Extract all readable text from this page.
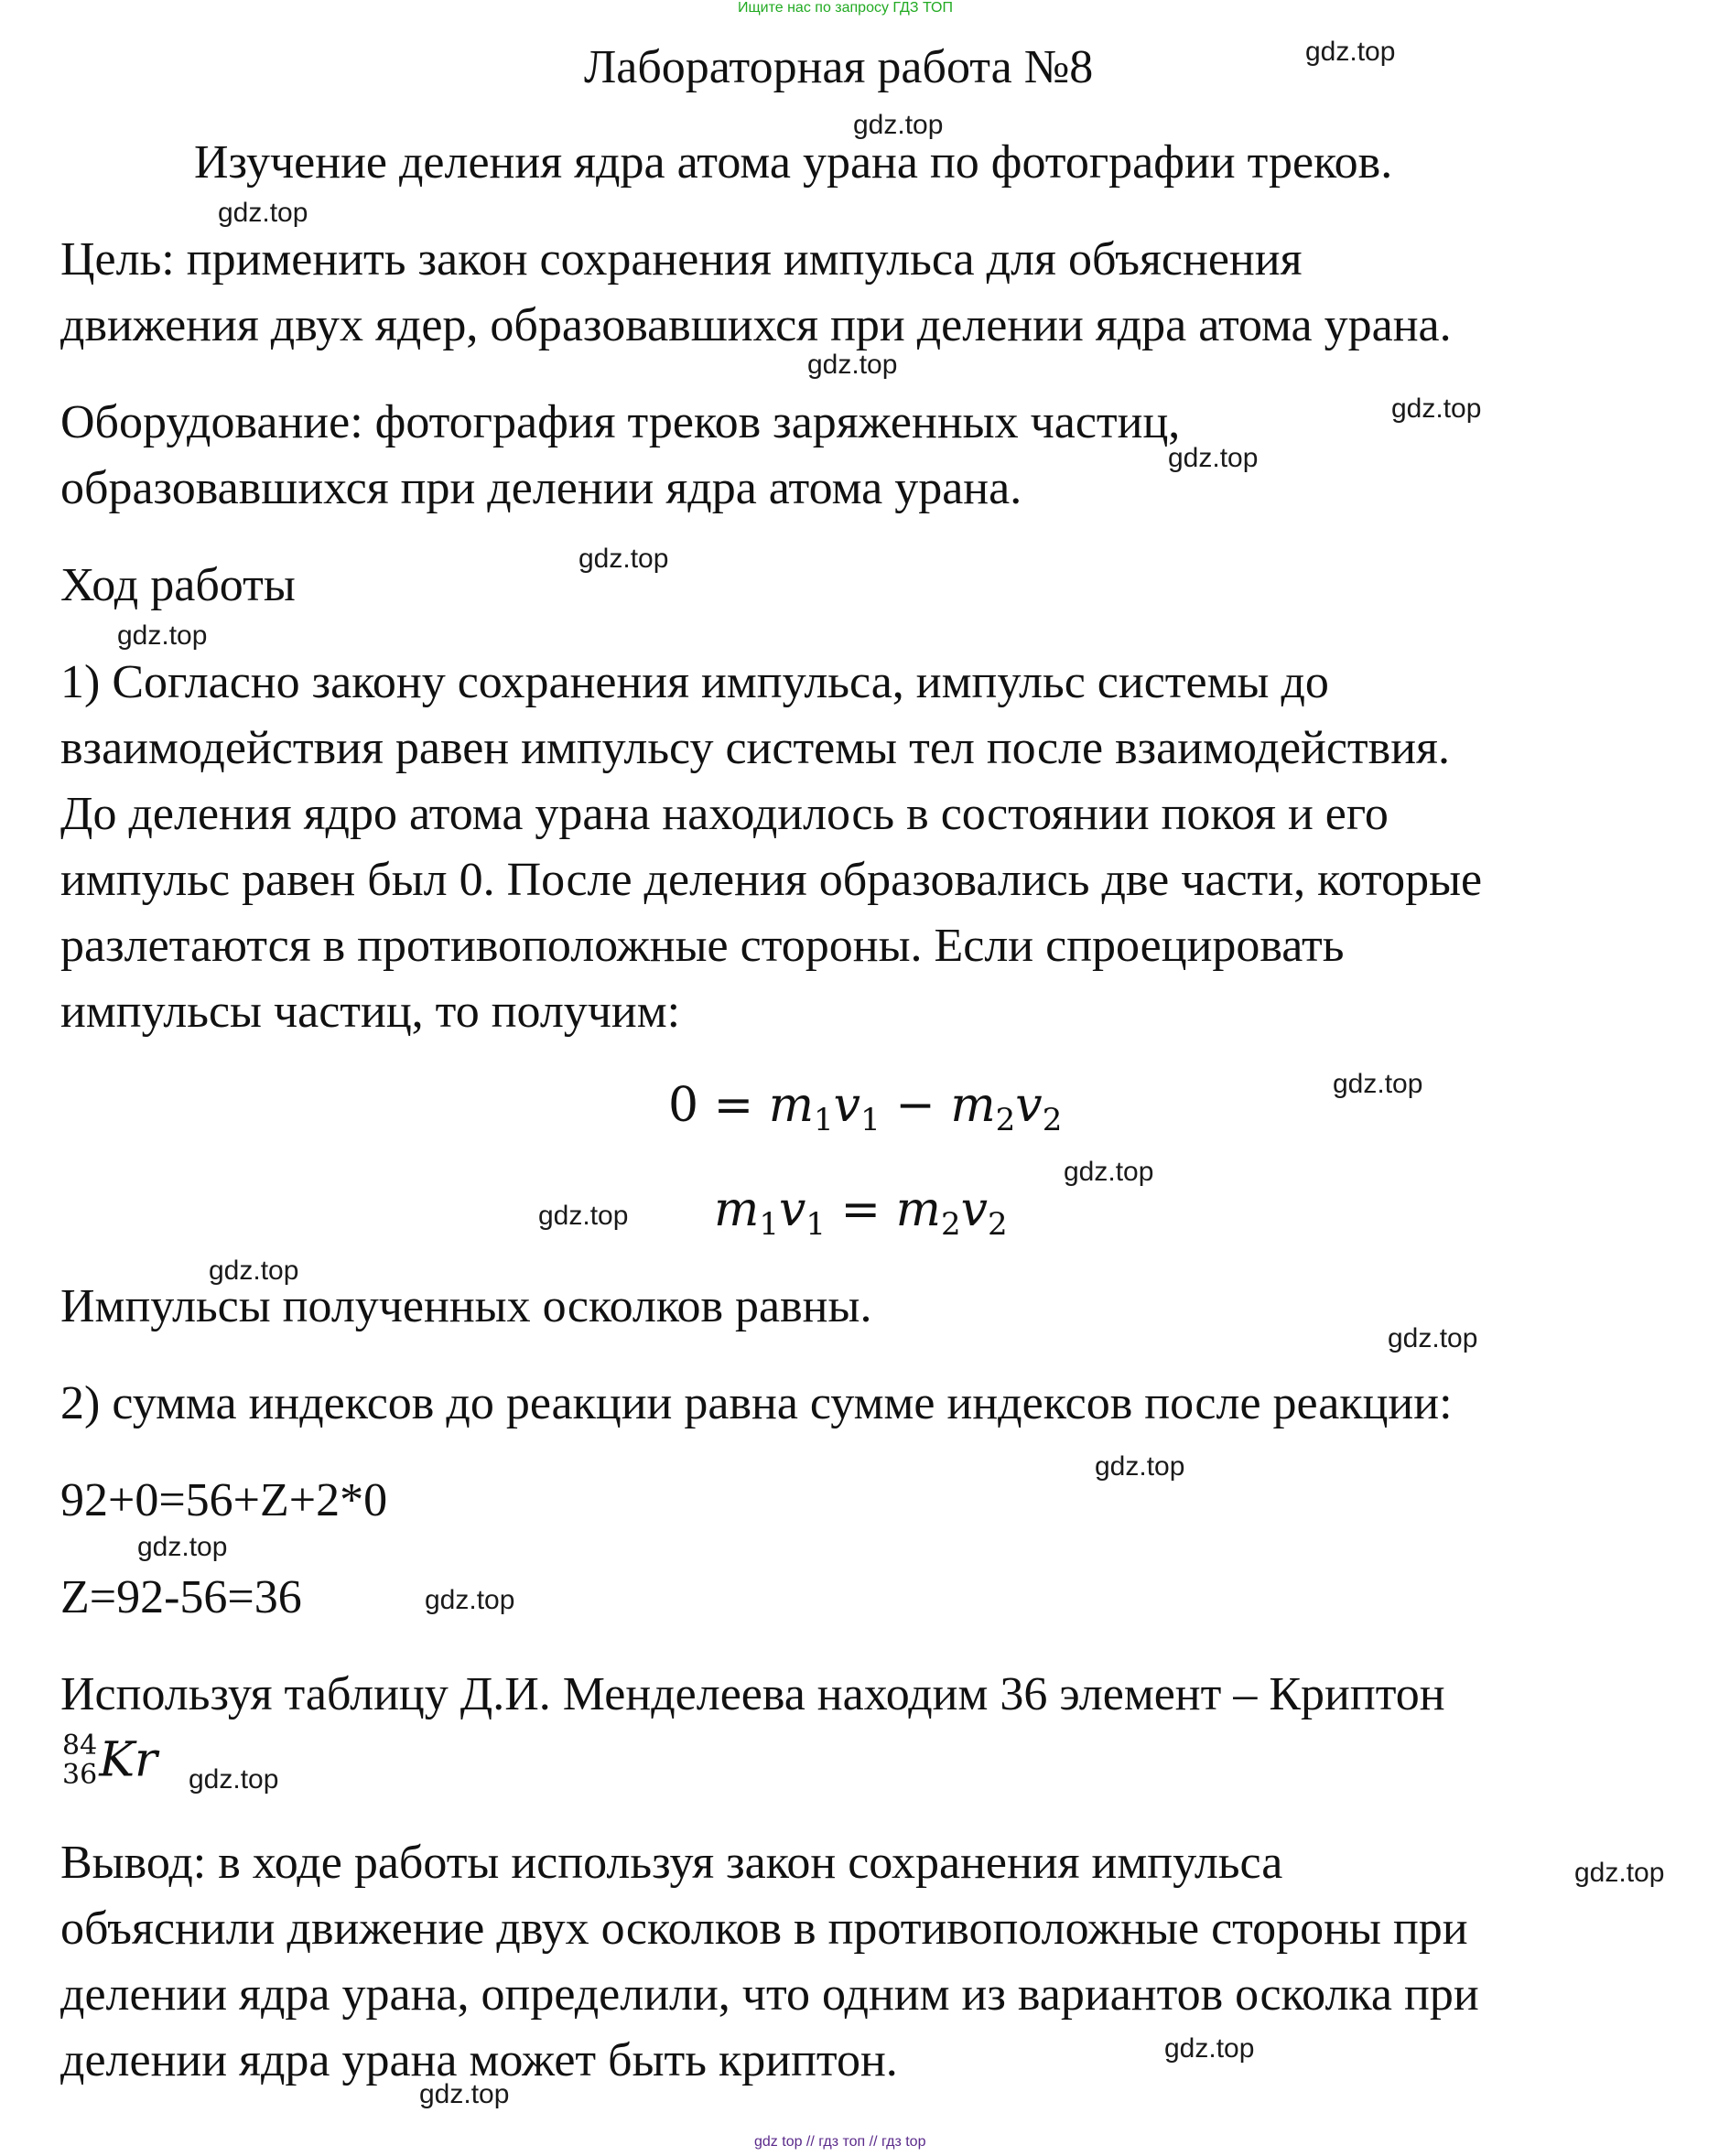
Ищите нас по запросу ГДЗ ТОП
Лабораторная работа №8
Изучение деления ядра атома урана по фотографии треков.
Цель: применить закон сохранения импульса для объяснения
движения двух ядер, образовавшихся при делении ядра атома урана.
Оборудование: фотография треков заряженных частиц,
образовавшихся при делении ядра атома урана.
Ход работы
1) Согласно закону сохранения импульса, импульс системы до
взаимодействия равен импульсу системы тел после взаимодействия.
До деления ядро атома урана находилось в состоянии покоя и его
импульс равен был 0. После деления образовались две части, которые
разлетаются в противоположные стороны. Если спроецировать
импульсы частиц, то получим:
$0 = m_1v_1 - m_2v_2$
$m_1v_1 = m_2v_2$
Импульсы полученных осколков равны.
2) сумма индексов до реакции равна сумме индексов после реакции:
92+0=56+Z+2*0
Z=92-56=36
Используя таблицу Д.И. Менделеева находим 36 элемент – Криптон
84
36Kr
Вывод: в ходе работы используя закон сохранения импульса
объяснили движение двух осколков в противоположные стороны при
делении ядра урана, определили, что одним из вариантов осколка при
делении ядра урана может быть криптон.
gdz.top
gdz.top
gdz.top
gdz.top
gdz.top
gdz.top
gdz.top
gdz.top
gdz.top
gdz.top
gdz.top
gdz.top
gdz.top
gdz.top
gdz.top
gdz.top
gdz.top
gdz.top
gdz.top
gdz.top
gdz top // гдз топ // гдз top
